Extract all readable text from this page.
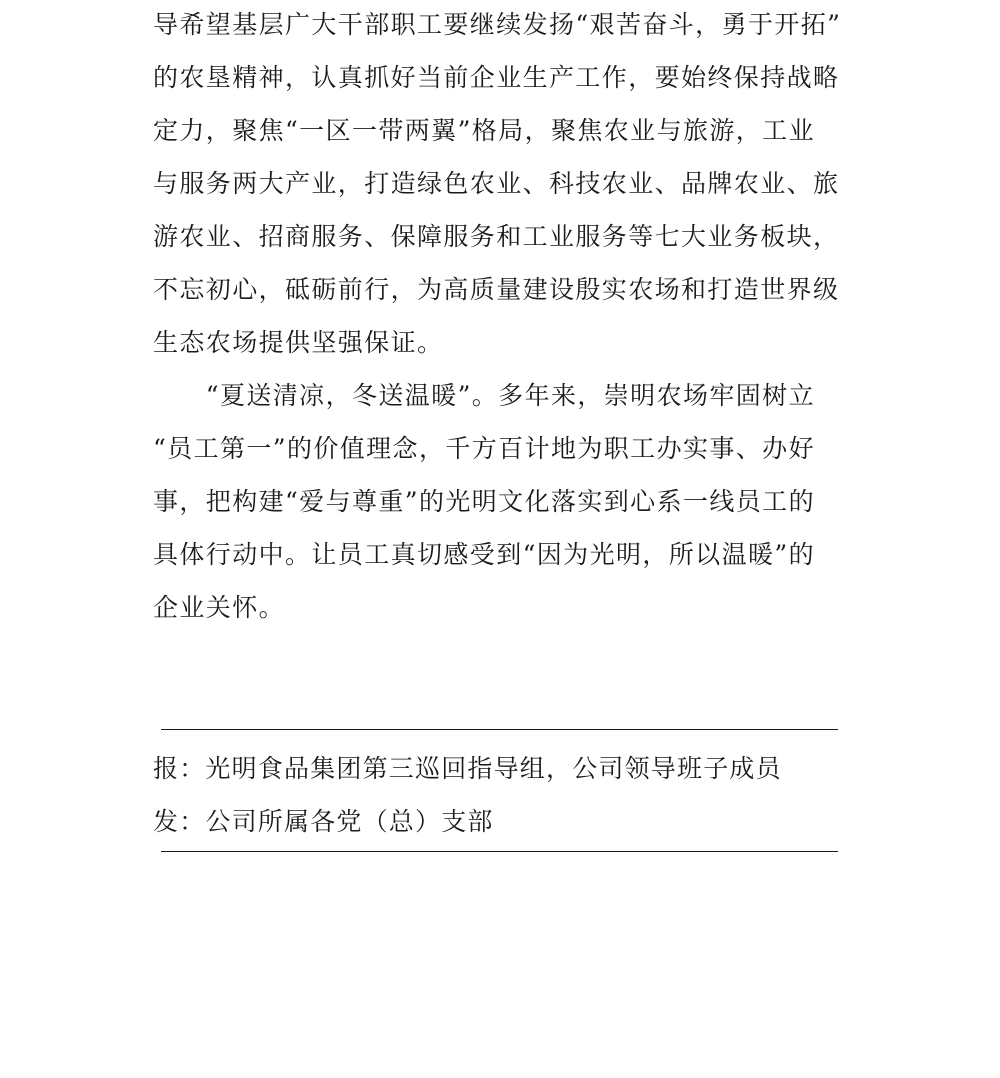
导希望基层广大干部职工要继续发扬“艰苦奋斗，勇于开拓”
的农垦精神，认真抓好当前企业生产工作，要始终保持战略
定力，聚焦“一区一带两翼”格局，聚焦农业与旅游，工业
与服务两大产业，打造绿色农业、科技农业、品牌农业、旅
游农业、招商服务、保障服务和工业服务等七大业务板块，
不忘初心，砥砺前行，为高质量建设殷实农场和打造世界级
生态农场提供坚强保证。
　　“夏送清凉，冬送温暖”。多年来，崇明农场牢固树立
“员工第一”的价值理念，千方百计地为职工办实事、办好
事，把构建“爱与尊重”的光明文化落实到心系一线员工的
具体行动中。让员工真切感受到“因为光明，所以温暖”的
企业关怀。
报：光明食品集团第三巡回指导组，公司领导班子成员
发：公司所属各党（总）支部
